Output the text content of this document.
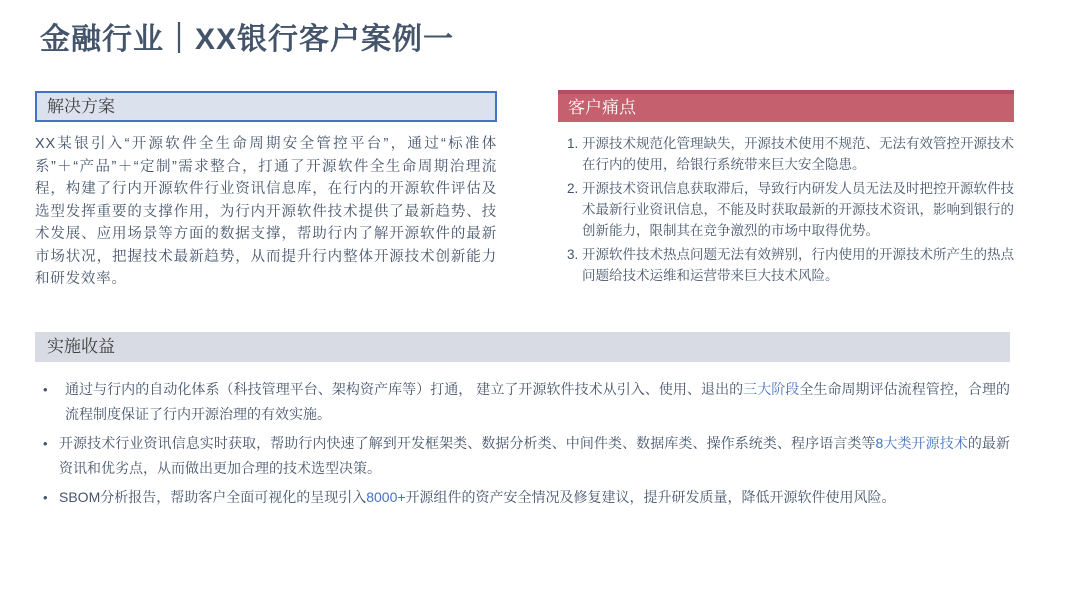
金融行业｜XX银行客户案例一
解决方案

XX某银引入“开源软件全生命周期安全管控平台”，通过“标准体系”＋“产品”＋“定制”需求整合，打通了开源软件全生命周期治理流程，构建了行内开源软件行业资讯信息库，在行内的开源软件评估及选型发挥重要的支撑作用，为行内开源软件技术提供了最新趋势、技术发展、应用场景等方面的数据支撑，帮助行内了解开源软件的最新市场状况，把握技术最新趋势，从而提升行内整体开源技术创新能力和研发效率。

客户痛点
1. 开源技术规范化管理缺失，开源技术使用不规范、无法有效管控开源技术在行内的使用，给银行系统带来巨大安全隐患。
2. 开源技术资讯信息获取滞后，导致行内研发人员无法及时把控开源软件技术最新行业资讯信息，不能及时获取最新的开源技术资讯，影响到银行的创新能力，限制其在竞争激烈的市场中取得优势。
3. 开源软件技术热点问题无法有效辨别，行内使用的开源技术所产生的热点问题给技术运维和运营带来巨大技术风险。
实施收益
• 通过与行内的自动化体系（科技管理平台、架构资产库等）打通， 建立了开源软件技术从引入、使用、退出的三大阶段全生命周期评估流程管控，合理的流程制度保证了行内开源治理的有效实施。
• 开源技术行业资讯信息实时获取，帮助行内快速了解到开发框架类、数据分析类、中间件类、数据库类、操作系统类、程序语言类等8大类开源技术的最新资讯和优劣点，从而做出更加合理的技术选型决策。
• SBOM分析报告，帮助客户全面可视化的呈现引入8000+开源组件的资产安全情况及修复建议，提升研发质量，降低开源软件使用风险。
